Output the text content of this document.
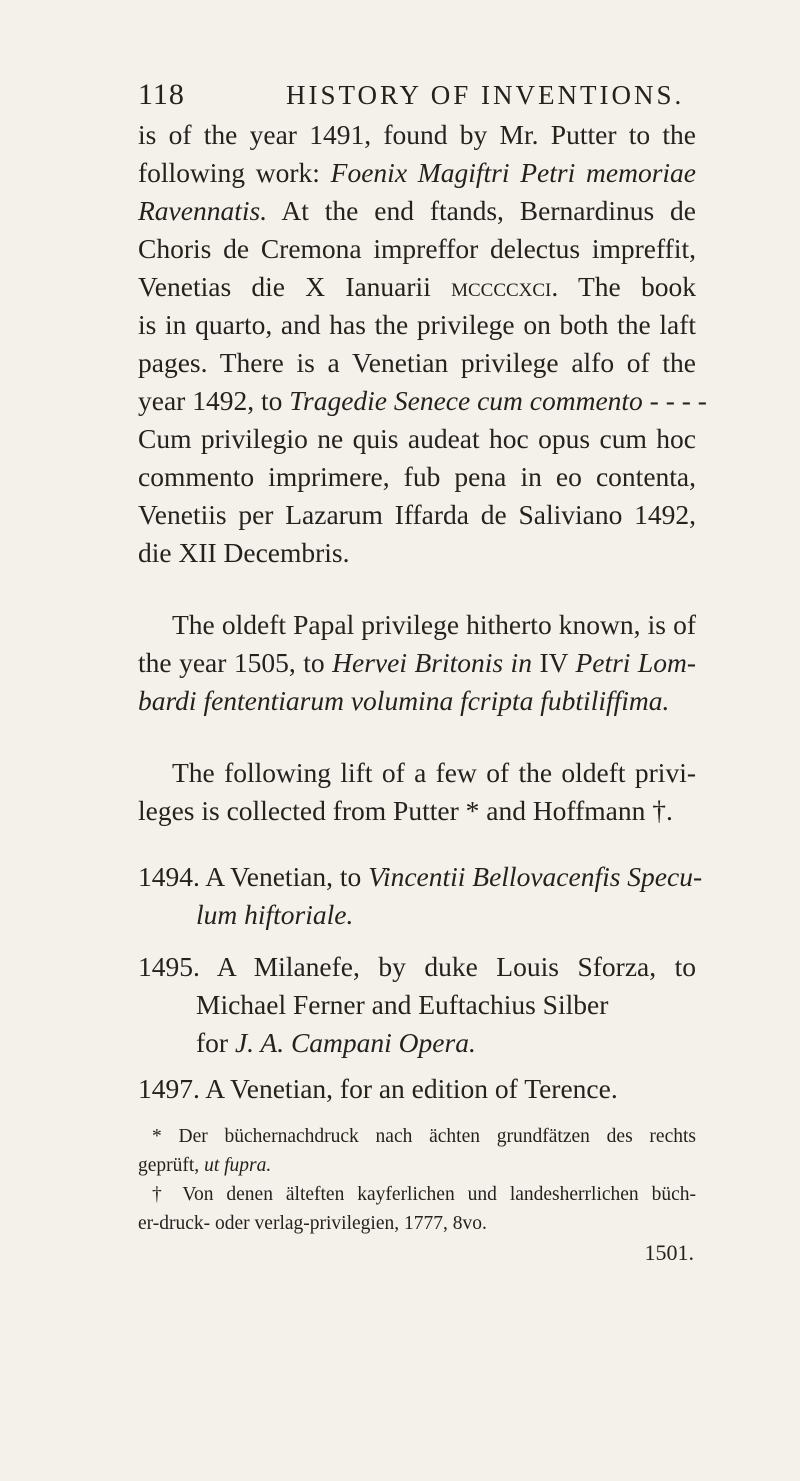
118	HISTORY OF INVENTIONS.
is of the year 1491, found by Mr. Putter to the
following work: Foenix Magiftri Petri memoriae
Ravennatis. At the end ftands, Bernardinus de
Choris de Cremona impreffor delectus impreffit,
Venetias die X Ianuarii mccccxci. The book
is in quarto, and has the privilege on both the laft
pages. There is a Venetian privilege alfo of the
year 1492, to Tragedie Senece cum commento - - - -
Cum privilegio ne quis audeat hoc opus cum hoc
commento imprimere, fub pena in eo contenta,
Venetiis per Lazarum Iffarda de Saliviano 1492,
die XII Decembris.
The oldeft Papal privilege hitherto known, is of
the year 1505, to Hervei Britonis in IV Petri Lom-
bardi fententiarum volumina fcripta fubtiliffima.
The following lift of a few of the oldeft privi-
leges is collected from Putter * and Hoffmann †.
1494. A Venetian, to Vincentii Bellovacenfis Specu-
lum hiftoriale.
1495. A Milanefe, by duke Louis Sforza, to
Michael Ferner and Euftachius Silber
for J. A. Campani Opera.
1497. A Venetian, for an edition of Terence.
* Der büchernachdruck nach ächten grundfätzen des rechts
geprüft, ut fupra.
† Von denen älteften kayferlichen und landesherrlichen büch-
er-druck- oder verlag-privilegien, 1777, 8vo.
1501.
